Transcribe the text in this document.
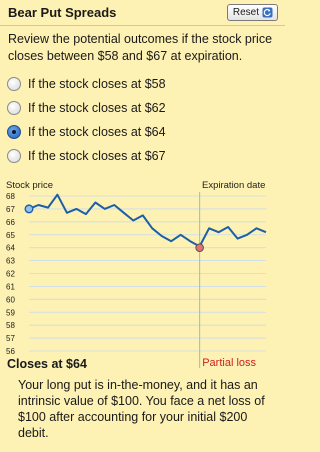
Bear Put Spreads	Reset
Review the potential outcomes if the stock price closes between $58 and $67 at expiration.
If the stock closes at $58
If the stock closes at $62
If the stock closes at $64
If the stock closes at $67
68
67
66
65
64
63
62
61
60
59
58
57
56
Stock price	Expiration date
Closes at $64	Partial loss
Your long put is in-the-money, and it has an intrinsic value of $100. You face a net loss of $100 after accounting for your initial $200 debit.
